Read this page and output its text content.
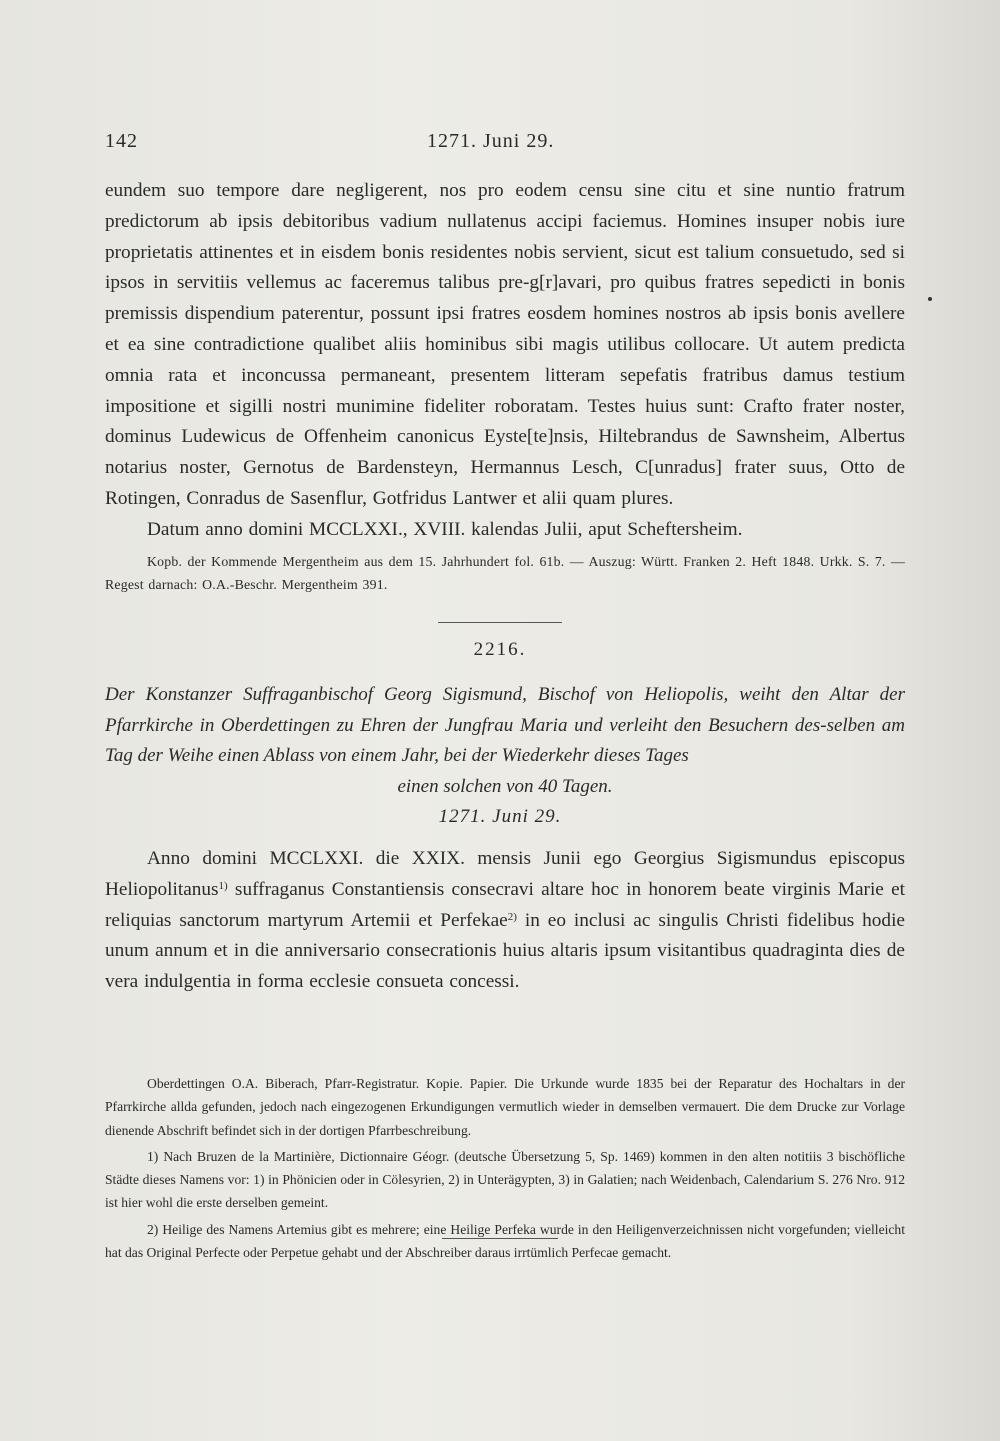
142	1271. Juni 29.

eundem suo tempore dare negligerent, nos pro eodem censu sine citu et sine nuntio fratrum predictorum ab ipsis debitoribus vadium nullatenus accipi faciemus. Homines insuper nobis iure proprietatis attinentes et in eisdem bonis residentes nobis servient, sicut est talium consuetudo, sed si ipsos in servitiis vellemus ac faceremus talibus pre-g[r]avari, pro quibus fratres sepedicti in bonis premissis dispendium paterentur, possunt ipsi fratres eosdem homines nostros ab ipsis bonis avellere et ea sine contradictione qualibet aliis hominibus sibi magis utilibus collocare. Ut autem predicta omnia rata et inconcussa permaneant, presentem litteram sepefatis fratribus damus testium impositione et sigilli nostri munimine fideliter roboratam. Testes huius sunt: Crafto frater noster, dominus Ludewicus de Offenheim canonicus Eyste[te]nsis, Hiltebrandus de Sawnsheim, Albertus notarius noster, Gernotus de Bardensteyn, Hermannus Lesch, C[unradus] frater suus, Otto de Rotingen, Conradus de Sasenflur, Gotfridus Lantwer et alii quam plures.

Datum anno domini MCCLXXI., XVIII. kalendas Julii, aput Scheftersheim.

Kopb. der Kommende Mergentheim aus dem 15. Jahrhundert fol. 61b. — Auszug: Württ. Franken 2. Heft 1848. Urkk. S. 7. — Regest darnach: O.A.-Beschr. Mergentheim 391.

2216.
Der Konstanzer Suffraganbischof Georg Sigismund, Bischof von Heliopolis, weiht den Altar der Pfarrkirche in Oberdettingen zu Ehren der Jungfrau Maria und verleiht den Besuchern des-selben am Tag der Weihe einen Ablass von einem Jahr, bei der Wiederkehr dieses Tages
einen solchen von 40 Tagen.
1271. Juni 29.

Anno domini MCCLXXI. die XXIX. mensis Junii ego Georgius Sigismundus episcopus Heliopolitanus$^{1)}$ suffraganus Constantiensis consecravi altare hoc in honorem beate virginis Marie et reliquias sanctorum martyrum Artemii et Perfekae$^{2)}$ in eo inclusi ac singulis Christi fidelibus hodie unum annum et in die anniversario consecrationis huius altaris ipsum visitantibus quadraginta dies de vera indulgentia in forma ecclesie consueta concessi.

Oberdettingen O.A. Biberach, Pfarr-Registratur. Kopie. Papier. Die Urkunde wurde 1835 bei der Reparatur des Hochaltars in der Pfarrkirche allda gefunden, jedoch nach eingezogenen Erkundigungen vermutlich wieder in demselben vermauert. Die dem Drucke zur Vorlage dienende Abschrift befindet sich in der dortigen Pfarrbeschreibung.

1) Nach Bruzen de la Martinière, Dictionnaire Géogr. (deutsche Übersetzung 5, Sp. 1469) kommen in den alten notitiis 3 bischöfliche Städte dieses Namens vor: 1) in Phönicien oder in Cölesyrien, 2) in Unterägypten, 3) in Galatien; nach Weidenbach, Calendarium S. 276 Nro. 912 ist hier wohl die erste derselben gemeint.

2) Heilige des Namens Artemius gibt es mehrere; eine Heilige Perfeka wurde in den Heiligenverzeichnissen nicht vorgefunden; vielleicht hat das Original Perfecte oder Perpetue gehabt und der Abschreiber daraus irrtümlich Perfecae gemacht.
